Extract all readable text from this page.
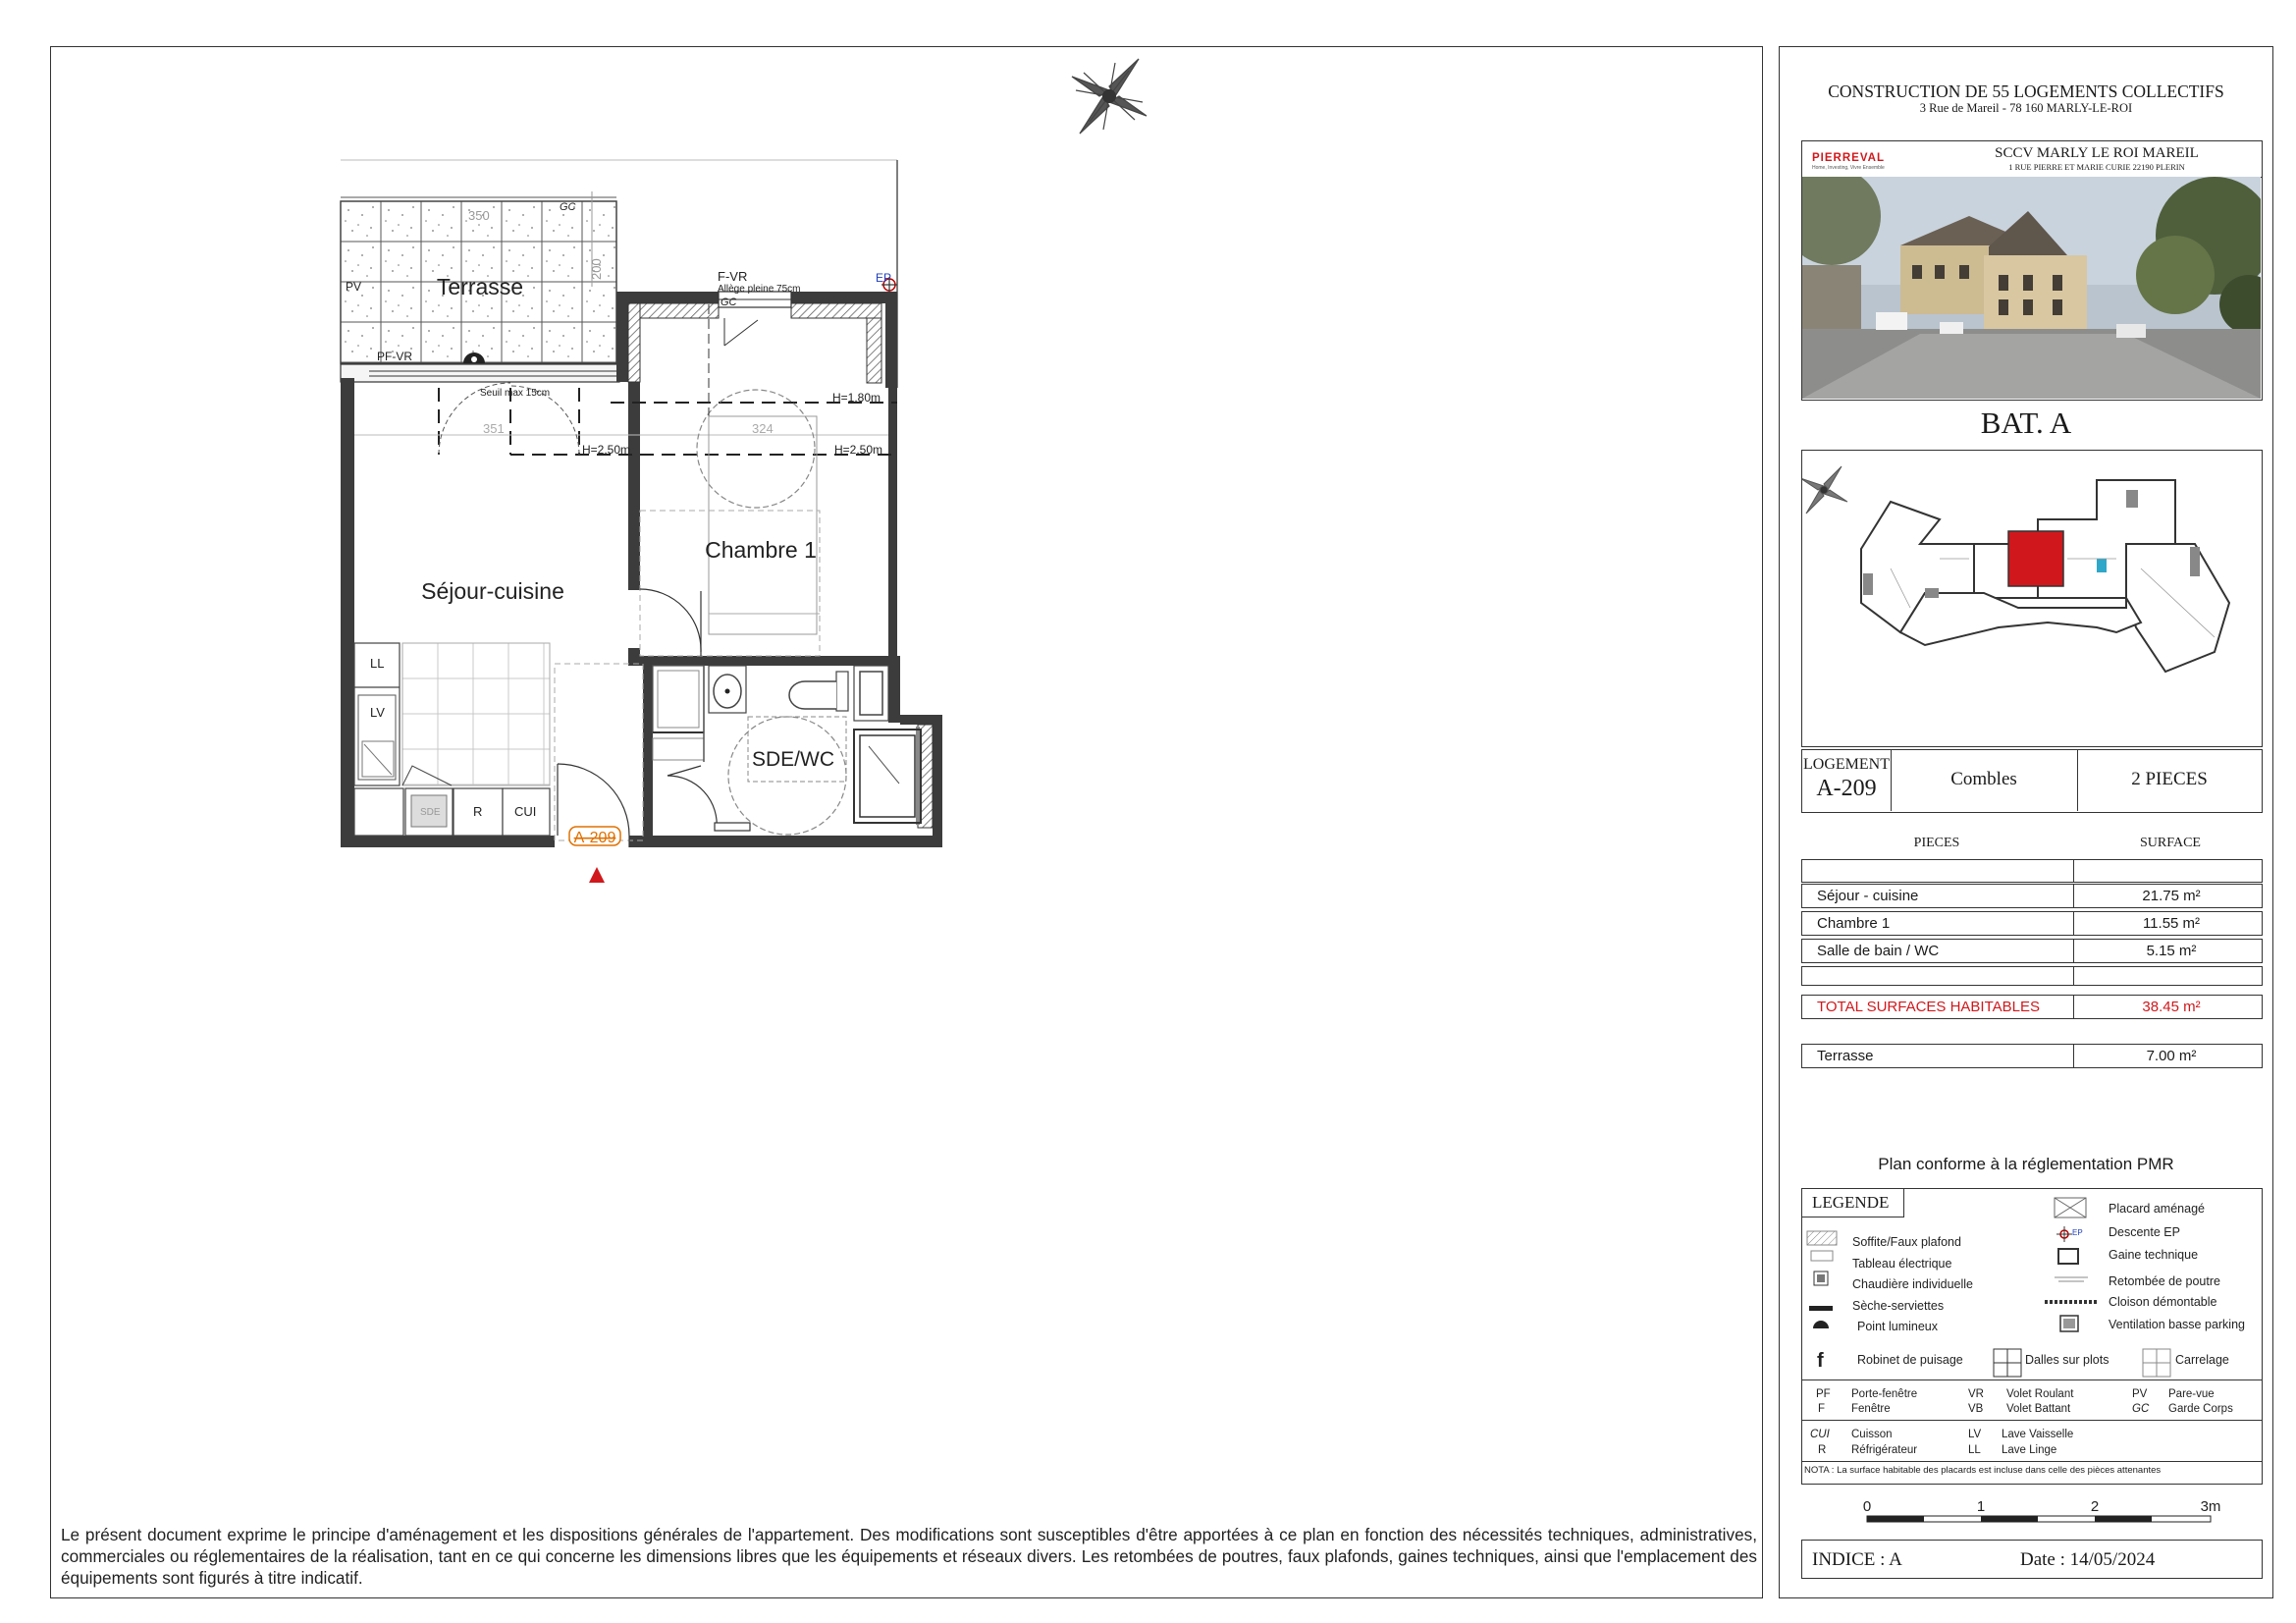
Terrasse
Séjour-cuisine
Chambre 1
SDE/WC
F-VR
Allège pleine 75cm
GC
GC
EP
PV
PF-VR
Seuil max 15cm	H=1.80m
H=2.50m	H=2.50m
350
200
351	324
LL
LV
SDE	R	CUI
A-209
Le présent document exprime le principe d'aménagement et les dispositions générales de l'appartement. Des modifications sont susceptibles d'être apportées à ce plan en fonction des nécessités techniques, administratives, commerciales ou réglementaires de la réalisation, tant en ce qui concerne les dimensions libres que les équipements et réseaux divers. Les retombées de poutres, faux plafonds, gaines techniques, ainsi que l'emplacement des équipements sont figurés à titre indicatif.
CONSTRUCTION DE 55 LOGEMENTS COLLECTIFS
3 Rue de Mareil - 78 160 MARLY-LE-ROI
PIERREVAL
Home, Investing, Vivre Ensemble
SCCV MARLY LE ROI MAREIL
1 RUE PIERRE ET MARIE CURIE 22190 PLERIN
BAT. A
LOGEMENT
A-209	Combles	2 PIECES
PIECES	SURFACE
Séjour - cuisine	21.75 m²
Chambre 1	11.55 m²
Salle de bain / WC	5.15 m²
TOTAL SURFACES HABITABLES	38.45 m²
Terrasse	7.00 m²
Plan conforme à la réglementation PMR
LEGENDE
f
EP
Soffite/Faux plafond
Tableau électrique
Chaudière individuelle
Sèche-serviettes
Point lumineux
Robinet de puisage	Dalles sur plots	Carrelage
Placard aménagé
Descente EP
Gaine technique
Retombée de poutre
Cloison démontable
Ventilation basse parking
PF Porte-fenêtre
F Fenêtre
VR Volet Roulant
VB Volet Battant
PV Pare-vue
GC Garde Corps
CUI Cuisson
R Réfrigérateur
LV Lave Vaisselle
LL Lave Linge
NOTA : La surface habitable des placards est incluse dans celle des pièces attenantes
0	1	2	3m
INDICE : A	Date : 14/05/2024
